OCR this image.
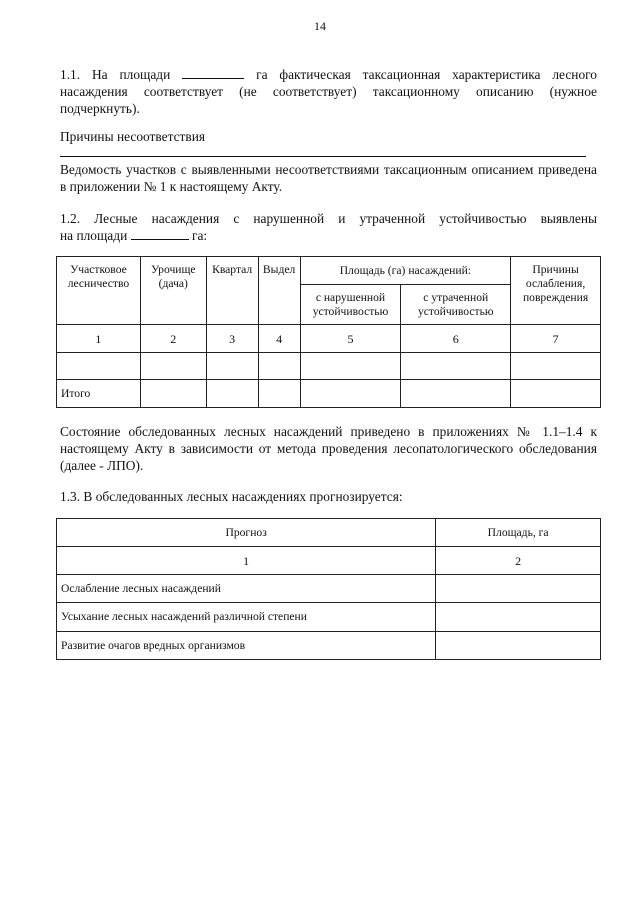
14
1.1. На площади	га фактическая таксационная характеристика лесного насаждения соответствует (не соответствует) таксационному описанию (нужное подчеркнуть).
Причины несоответствия
Ведомость участков с выявленными несоответствиями таксационным описанием приведена в приложении № 1 к настоящему Акту.
1.2. Лесные насаждения с нарушенной и утраченной устойчивостью выявлены
на площади	га:
Участковое лесничество	Урочище (дача)	Квартал	Выдел	Площадь (га) насаждений:		Причины ослабления, повреждения
				с нарушенной устойчивостью	с утраченной устойчивостью	
1	2	3	4	5	6	7

Итого						
Состояние обследованных лесных насаждений приведено в приложениях № 1.1–1.4 к настоящему Акту в зависимости от метода проведения лесопатологического обследования (далее - ЛПО).
1.3. В обследованных лесных насаждениях прогнозируется:
Прогноз	Площадь, га
1	2
Ослабление лесных насаждений	
Усыхание лесных насаждений различной степени	
Развитие очагов вредных организмов	
